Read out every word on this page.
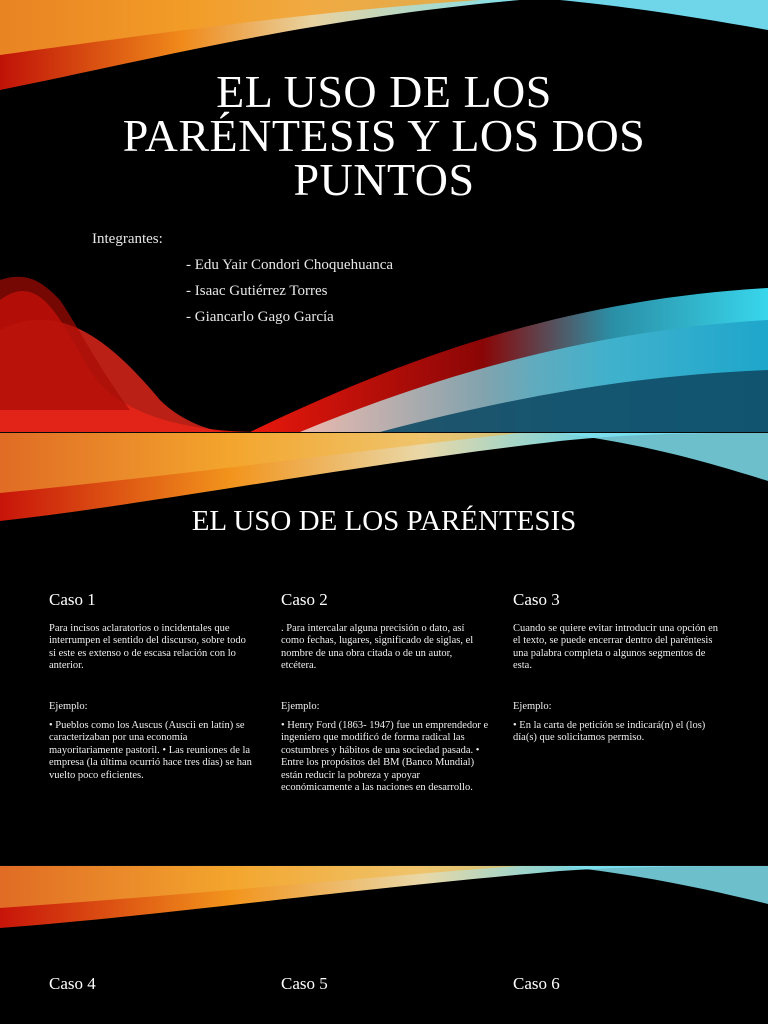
EL USO DE LOS
PARÉNTESIS Y LOS DOS
PUNTOS
Integrantes:
- Edu Yair Condori Choquehuanca
- Isaac Gutiérrez Torres
- Giancarlo Gago García
EL USO DE LOS PARÉNTESIS
Caso 1

Para incisos aclaratorios o incidentales que interrumpen el sentido del discurso, sobre todo si este es extenso o de escasa relación con lo anterior.

Ejemplo:

• Pueblos como los Auscus (Auscii en latín) se caracterizaban por una economía mayoritariamente pastoril. • Las reuniones de la empresa (la última ocurrió hace tres días) se han vuelto poco eficientes.

Caso 2

. Para intercalar alguna precisión o dato, así como fechas, lugares, significado de siglas, el nombre de una obra citada o de un autor, etcétera.

Ejemplo:

• Henry Ford (1863- 1947) fue un emprendedor e ingeniero que modificó de forma radical las costumbres y hábitos de una sociedad pasada. • Entre los propósitos del BM (Banco Mundial) están reducir la pobreza y apoyar económicamente a las naciones en desarrollo.

Caso 3

Cuando se quiere evitar introducir una opción en el texto, se puede encerrar dentro del paréntesis una palabra completa o algunos segmentos de esta.

Ejemplo:

• En la carta de petición se indicará(n) el (los) día(s) que solicitamos permiso.

Caso 4	Caso 5	Caso 6
